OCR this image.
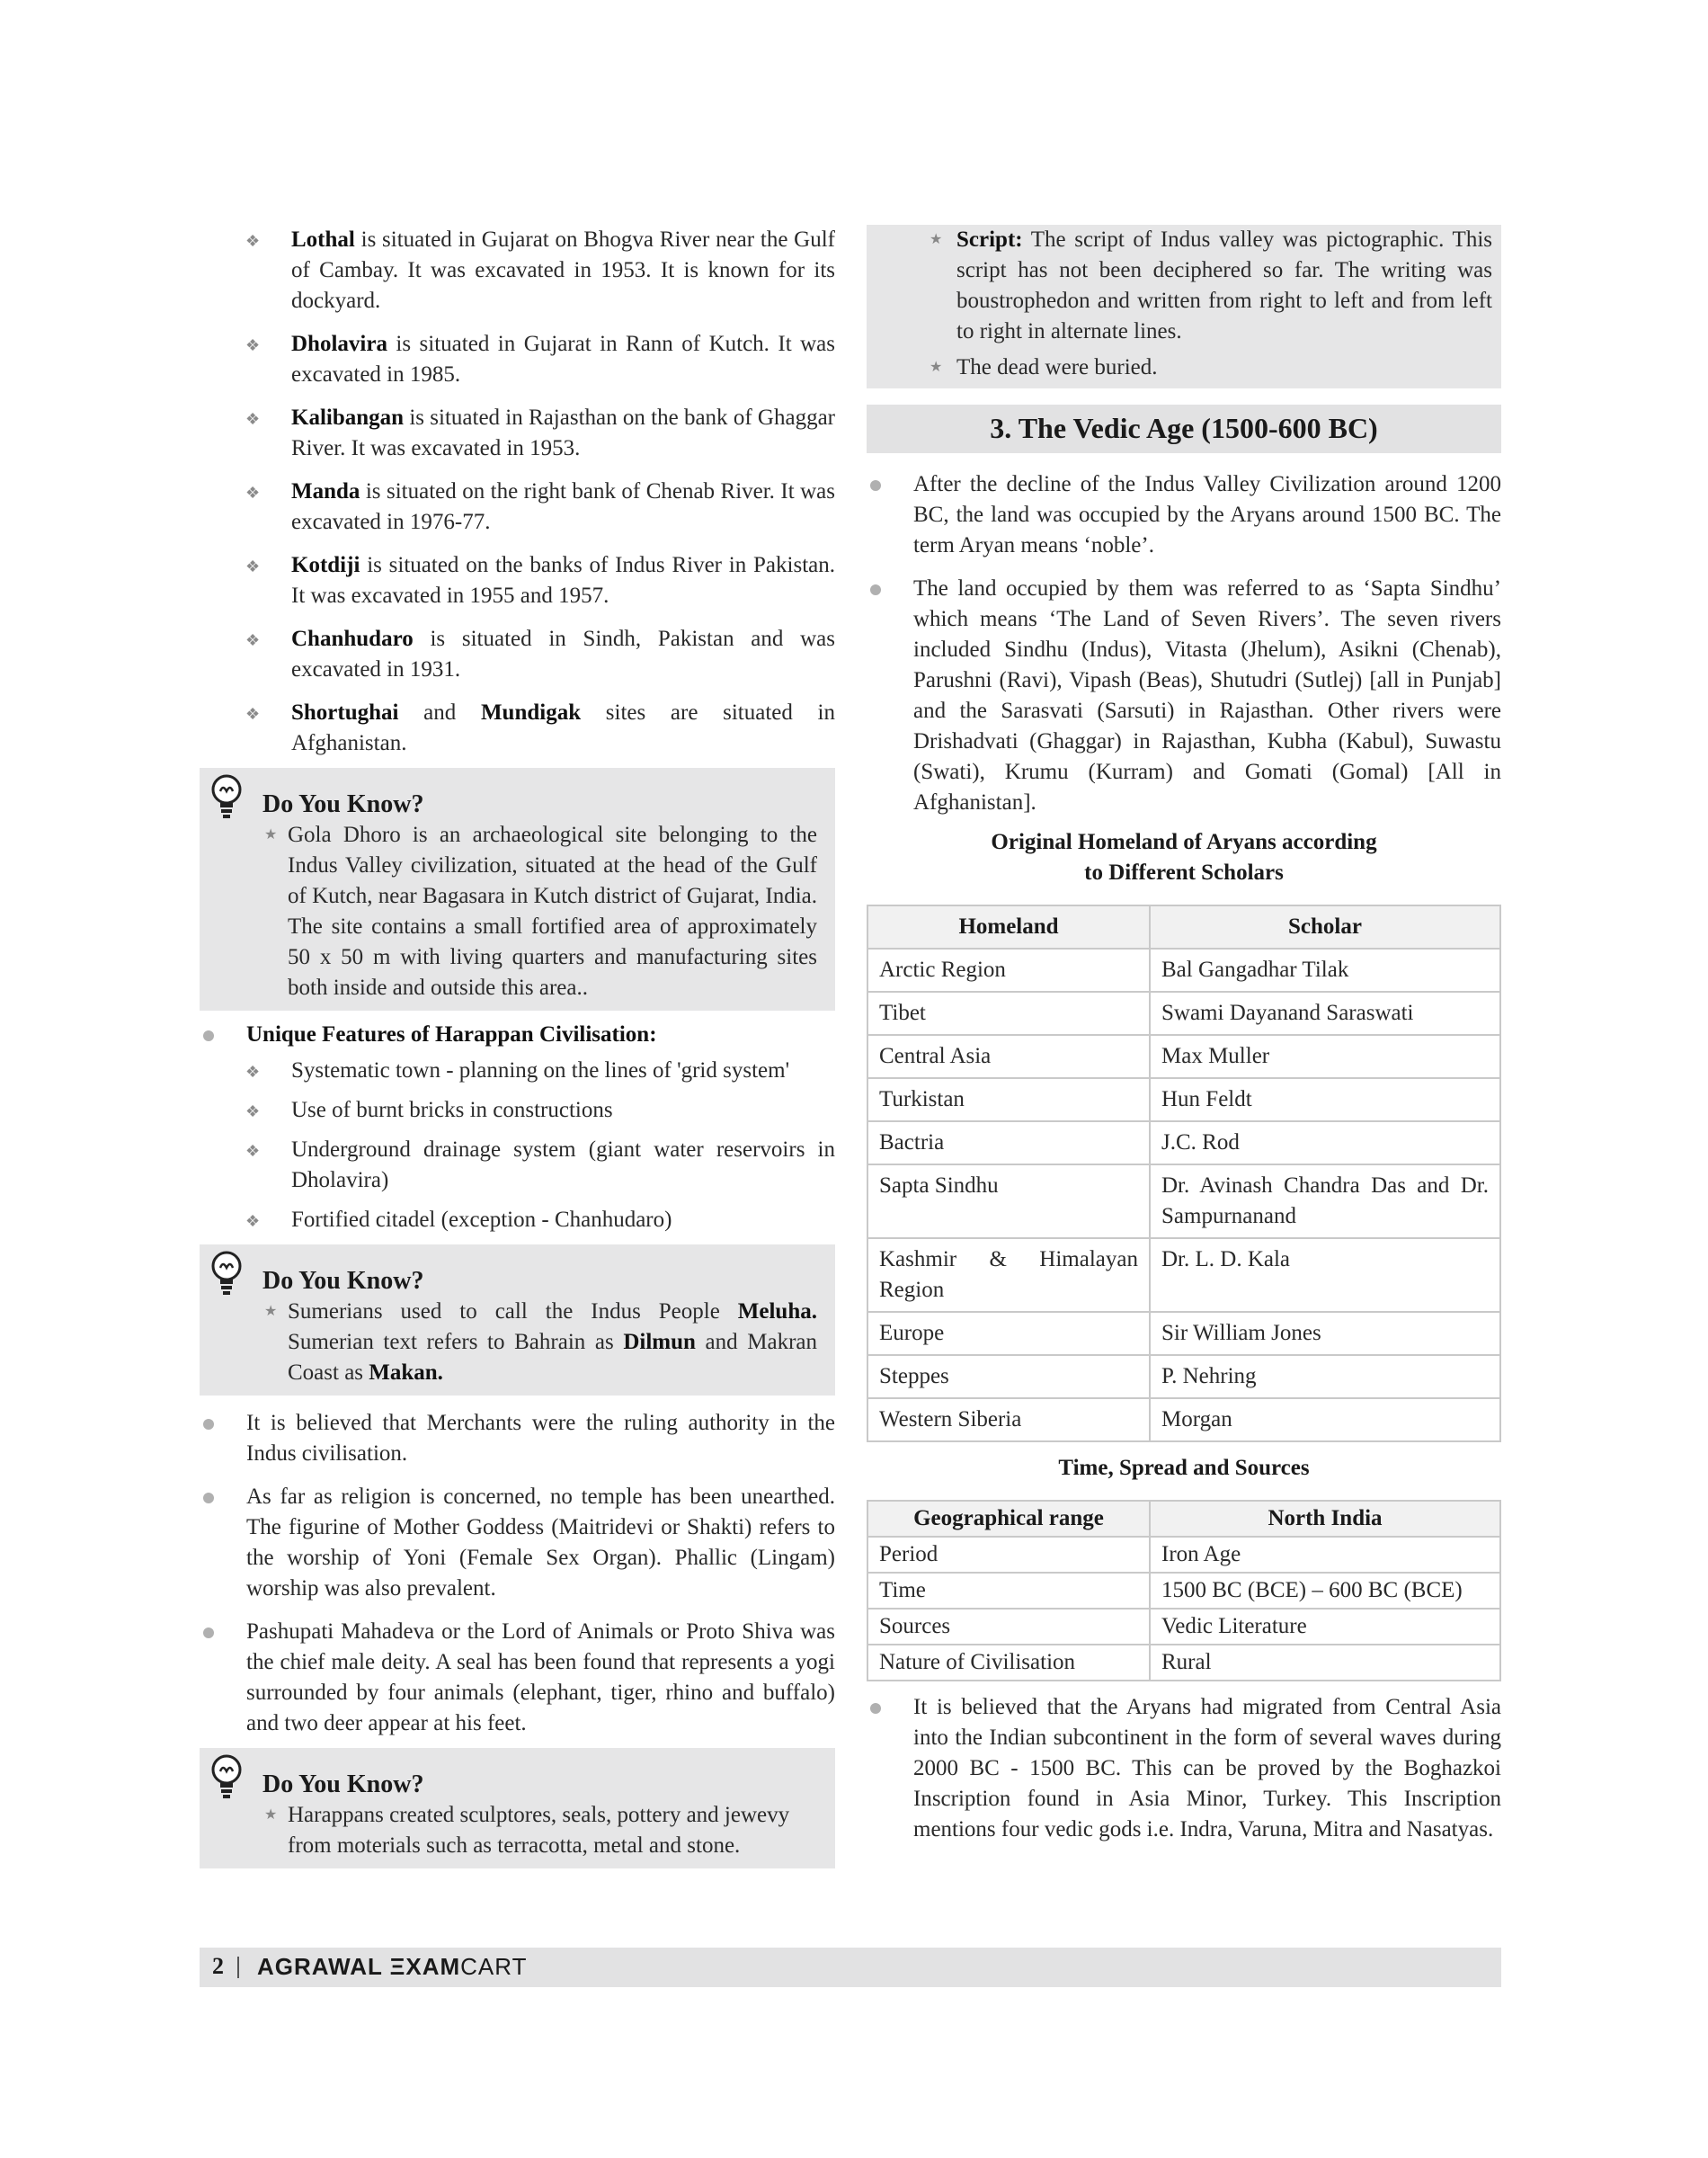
❖ Lothal is situated in Gujarat on Bhogva River near the Gulf of Cambay. It was excavated in 1953. It is known for its dockyard.
❖ Dholavira is situated in Gujarat in Rann of Kutch. It was excavated in 1985.
❖ Kalibangan is situated in Rajasthan on the bank of Ghaggar River. It was excavated in 1953.
❖ Manda is situated on the right bank of Chenab River. It was excavated in 1976-77.
❖ Kotdiji is situated on the banks of Indus River in Pakistan. It was excavated in 1955 and 1957.
❖ Chanhudaro is situated in Sindh, Pakistan and was excavated in 1931.
❖ Shortughai and Mundigak sites are situated in Afghanistan.
Do You Know?
★ Gola Dhoro is an archaeological site belonging to the Indus Valley civilization, situated at the head of the Gulf of Kutch, near Bagasara in Kutch district of Gujarat, India. The site contains a small fortified area of approximately 50 x 50 m with living quarters and manufacturing sites both inside and outside this area..
Unique Features of Harappan Civilisation:
❖ Systematic town - planning on the lines of 'grid system'
❖ Use of burnt bricks in constructions
❖ Underground drainage system (giant water reservoirs in Dholavira)
❖ Fortified citadel (exception - Chanhudaro)
Do You Know?
★ Sumerians used to call the Indus People Meluha. Sumerian text refers to Bahrain as Dilmun and Makran Coast as Makan.
It is believed that Merchants were the ruling authority in the Indus civilisation.
As far as religion is concerned, no temple has been unearthed. The figurine of Mother Goddess (Maitridevi or Shakti) refers to the worship of Yoni (Female Sex Organ). Phallic (Lingam) worship was also prevalent.
Pashupati Mahadeva or the Lord of Animals or Proto Shiva was the chief male deity. A seal has been found that represents a yogi surrounded by four animals (elephant, tiger, rhino and buffalo) and two deer appear at his feet.
Do You Know?
★ Harappans created sculptores, seals, pottery and jewevy from moterials such as terracotta, metal and stone.
★ Script: The script of Indus valley was pictographic. This script has not been deciphered so far. The writing was boustrophedon and written from right to left and from left to right in alternate lines.
★ The dead were buried.
3. The Vedic Age (1500-600 BC)
After the decline of the Indus Valley Civilization around 1200 BC, the land was occupied by the Aryans around 1500 BC. The term Aryan means ‘noble’.
The land occupied by them was referred to as ‘Sapta Sindhu’ which means ‘The Land of Seven Rivers’. The seven rivers included Sindhu (Indus), Vitasta (Jhelum), Asikni (Chenab), Parushni (Ravi), Vipash (Beas), Shutudri (Sutlej) [all in Punjab] and the Sarasvati (Sarsuti) in Rajasthan. Other rivers were Drishadvati (Ghaggar) in Rajasthan, Kubha (Kabul), Suwastu (Swati), Krumu (Kurram) and Gomati (Gomal) [All in Afghanistan].
Original Homeland of Aryans according
to Different Scholars
Homeland	Scholar
Arctic Region	Bal Gangadhar Tilak
Tibet	Swami Dayanand Saraswati
Central Asia	Max Muller
Turkistan	Hun Feldt
Bactria	J.C. Rod
Sapta Sindhu	Dr. Avinash Chandra Das and Dr. Sampurnanand
Kashmir & Himalayan Region	Dr. L. D. Kala
Europe	Sir William Jones
Steppes	P. Nehring
Western Siberia	Morgan
Time, Spread and Sources
Geographical range	North India
Period	Iron Age
Time	1500 BC (BCE) – 600 BC (BCE)
Sources	Vedic Literature
Nature of Civilisation	Rural
It is believed that the Aryans had migrated from Central Asia into the Indian subcontinent in the form of several waves during 2000 BC - 1500 BC. This can be proved by the Boghazkoi Inscription found in Asia Minor, Turkey. This Inscription mentions four vedic gods i.e. Indra, Varuna, Mitra and Nasatyas.
2 AGRAWAL ΞXAMCART
